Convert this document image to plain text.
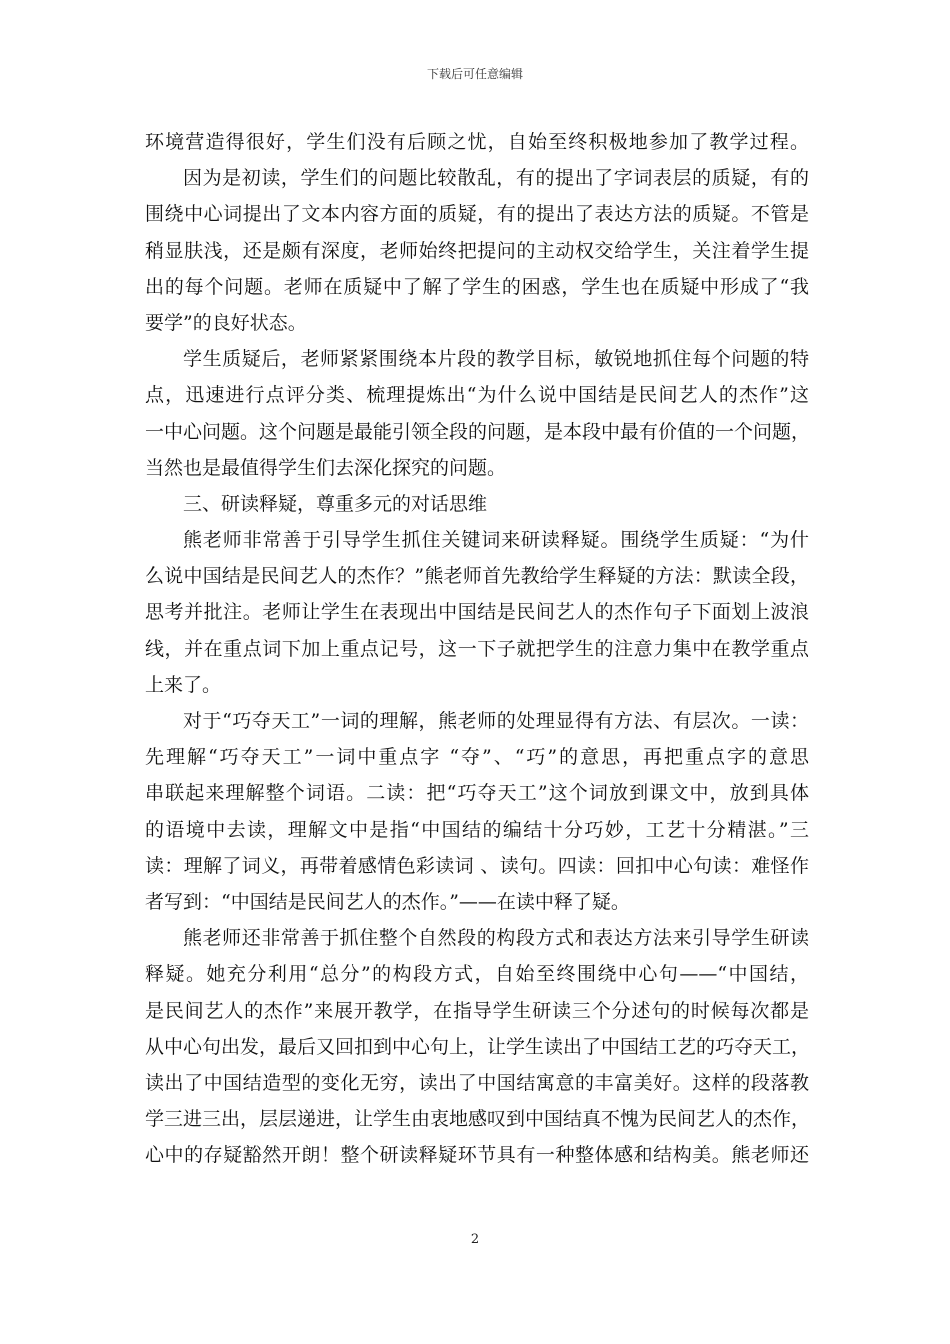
下载后可任意编辑
环境营造得很好，学生们没有后顾之忧，自始至终积极地参加了教学过程。
因为是初读，学生们的问题比较散乱，有的提出了字词表层的质疑，有的
围绕中心词提出了文本内容方面的质疑，有的提出了表达方法的质疑。不管是
稍显肤浅，还是颇有深度，老师始终把提问的主动权交给学生，关注着学生提
出的每个问题。老师在质疑中了解了学生的困惑，学生也在质疑中形成了“我
要学”的良好状态。
学生质疑后，老师紧紧围绕本片段的教学目标，敏锐地抓住每个问题的特
点，迅速进行点评分类、梳理提炼出“为什么说中国结是民间艺人的杰作”这
一中心问题。这个问题是最能引领全段的问题，是本段中最有价值的一个问题，
当然也是最值得学生们去深化探究的问题。
三、研读释疑，尊重多元的对话思维
熊老师非常善于引导学生抓住关键词来研读释疑。围绕学生质疑：“为什
么说中国结是民间艺人的杰作？”熊老师首先教给学生释疑的方法：默读全段，
思考并批注。老师让学生在表现出中国结是民间艺人的杰作句子下面划上波浪
线，并在重点词下加上重点记号，这一下子就把学生的注意力集中在教学重点
上来了。
对于“巧夺天工”一词的理解，熊老师的处理显得有方法、有层次。一读：
先理解“巧夺天工”一词中重点字 “夺”、“巧”的意思，再把重点字的意思
串联起来理解整个词语。二读：把“巧夺天工”这个词放到课文中，放到具体
的语境中去读，理解文中是指“中国结的编结十分巧妙，工艺十分精湛。”三
读：理解了词义，再带着感情色彩读词 、读句。四读：回扣中心句读：难怪作
者写到：“中国结是民间艺人的杰作。”——在读中释了疑。
熊老师还非常善于抓住整个自然段的构段方式和表达方法来引导学生研读
释疑。她充分利用“总分”的构段方式，自始至终围绕中心句——“中国结，
是民间艺人的杰作”来展开教学，在指导学生研读三个分述句的时候每次都是
从中心句出发，最后又回扣到中心句上，让学生读出了中国结工艺的巧夺天工，
读出了中国结造型的变化无穷，读出了中国结寓意的丰富美好。这样的段落教
学三进三出，层层递进，让学生由衷地感叹到中国结真不愧为民间艺人的杰作，
心中的存疑豁然开朗！整个研读释疑环节具有一种整体感和结构美。熊老师还
2
